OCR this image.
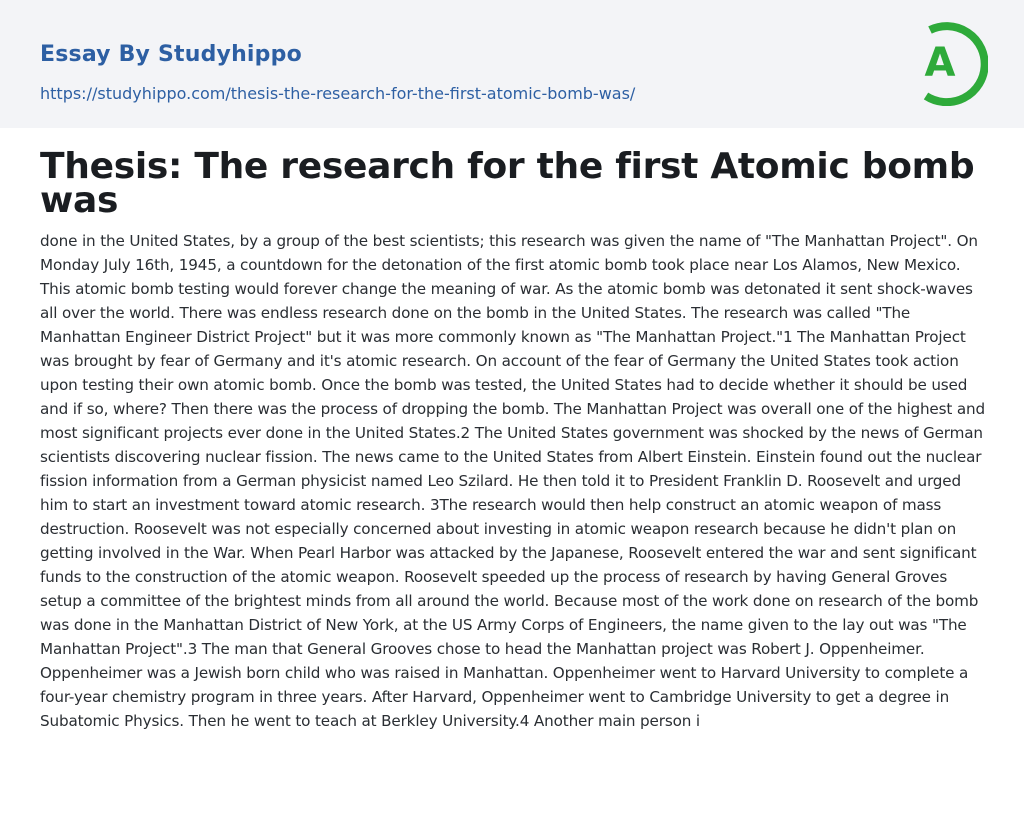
Essay By Studyhippo
https://studyhippo.com/thesis-the-research-for-the-first-atomic-bomb-was/
A
Thesis: The research for the first Atomic bomb was

done in the United States, by a group of the best scientists; this research was given the name of "The Manhattan Project". On Monday July 16th, 1945, a countdown for the detonation of the first atomic bomb took place near Los Alamos, New Mexico. This atomic bomb testing would forever change the meaning of war. As the atomic bomb was detonated it sent shock-waves all over the world. There was endless research done on the bomb in the United States. The research was called "The Manhattan Engineer District Project" but it was more commonly known as "The Manhattan Project."1 The Manhattan Project was brought by fear of Germany and it's atomic research. On account of the fear of Germany the United States took action upon testing their own atomic bomb. Once the bomb was tested, the United States had to decide whether it should be used and if so, where? Then there was the process of dropping the bomb. The Manhattan Project was overall one of the highest and most significant projects ever done in the United States.2 The United States government was shocked by the news of German scientists discovering nuclear fission. The news came to the United States from Albert Einstein. Einstein found out the nuclear fission information from a German physicist named Leo Szilard. He then told it to President Franklin D. Roosevelt and urged him to start an investment toward atomic research. 3The research would then help construct an atomic weapon of mass destruction. Roosevelt was not especially concerned about investing in atomic weapon research because he didn't plan on getting involved in the War. When Pearl Harbor was attacked by the Japanese, Roosevelt entered the war and sent significant funds to the construction of the atomic weapon. Roosevelt speeded up the process of research by having General Groves setup a committee of the brightest minds from all around the world. Because most of the work done on research of the bomb was done in the Manhattan District of New York, at the US Army Corps of Engineers, the name given to the lay out was "The Manhattan Project".3 The man that General Grooves chose to head the Manhattan project was Robert J. Oppenheimer. Oppenheimer was a Jewish born child who was raised in Manhattan. Oppenheimer went to Harvard University to complete a four-year chemistry program in three years. After Harvard, Oppenheimer went to Cambridge University to get a degree in Subatomic Physics. Then he went to teach at Berkley University.4 Another main person i
